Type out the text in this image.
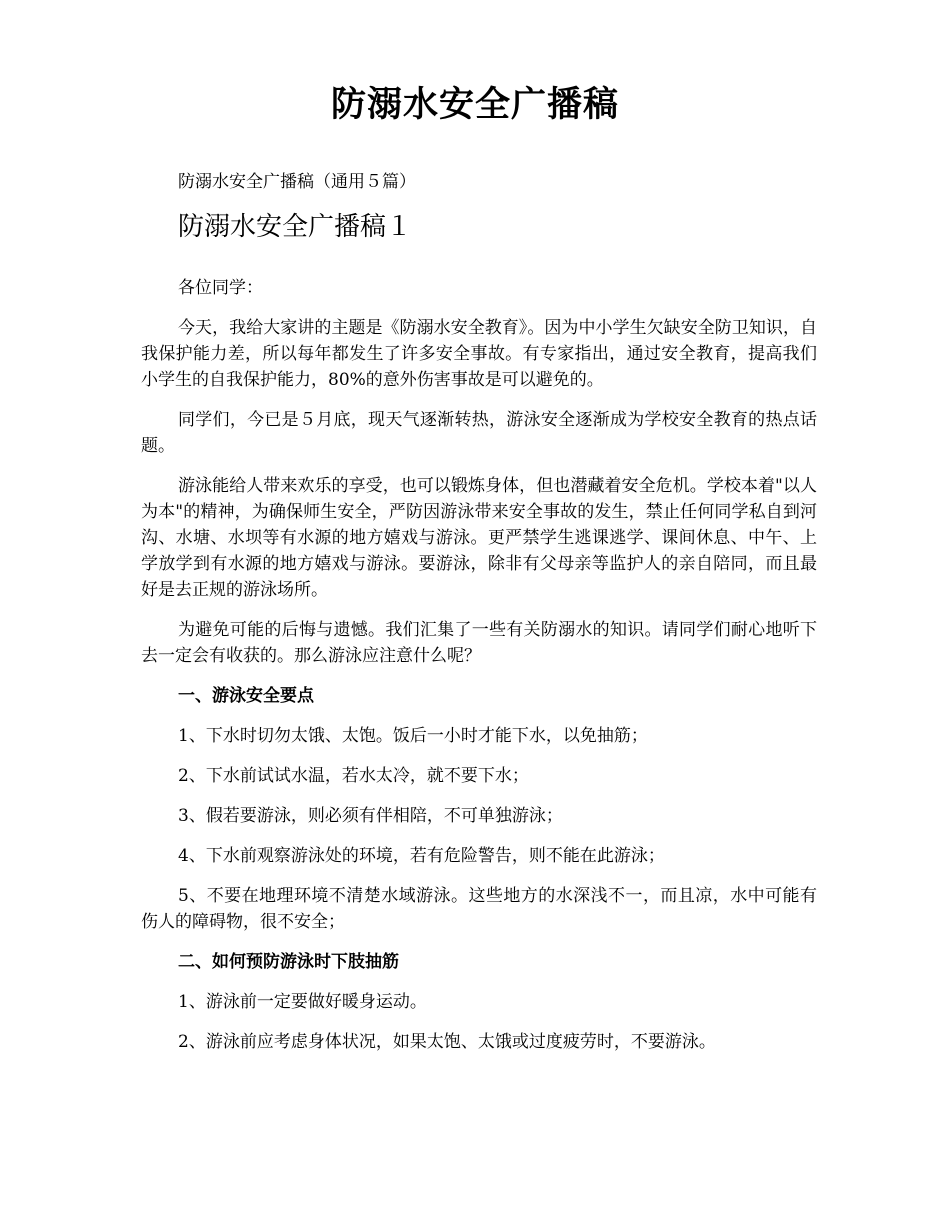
防溺水安全广播稿
防溺水安全广播稿（通用５篇）
防溺水安全广播稿１

各位同学：

今天，我给大家讲的主题是《防溺水安全教育》。因为中小学生欠缺安全防卫知识，自我保护能力差，所以每年都发生了许多安全事故。有专家指出，通过安全教育，提高我们小学生的自我保护能力，80%的意外伤害事故是可以避免的。

同学们，今已是５月底，现天气逐渐转热，游泳安全逐渐成为学校安全教育的热点话题。

游泳能给人带来欢乐的享受，也可以锻炼身体，但也潜藏着安全危机。学校本着"以人为本"的精神，为确保师生安全，严防因游泳带来安全事故的发生，禁止任何同学私自到河沟、水塘、水坝等有水源的地方嬉戏与游泳。更严禁学生逃课逃学、课间休息、中午、上学放学到有水源的地方嬉戏与游泳。要游泳，除非有父母亲等监护人的亲自陪同，而且最好是去正规的游泳场所。

为避免可能的后悔与遗憾。我们汇集了一些有关防溺水的知识。请同学们耐心地听下去一定会有收获的。那么游泳应注意什么呢？

一、游泳安全要点

1、下水时切勿太饿、太饱。饭后一小时才能下水，以免抽筋；

2、下水前试试水温，若水太冷，就不要下水；

3、假若要游泳，则必须有伴相陪，不可单独游泳；

4、下水前观察游泳处的环境，若有危险警告，则不能在此游泳；

5、不要在地理环境不清楚水域游泳。这些地方的水深浅不一，而且凉，水中可能有伤人的障碍物，很不安全；

二、如何预防游泳时下肢抽筋

1、游泳前一定要做好暖身运动。

2、游泳前应考虑身体状况，如果太饱、太饿或过度疲劳时，不要游泳。
